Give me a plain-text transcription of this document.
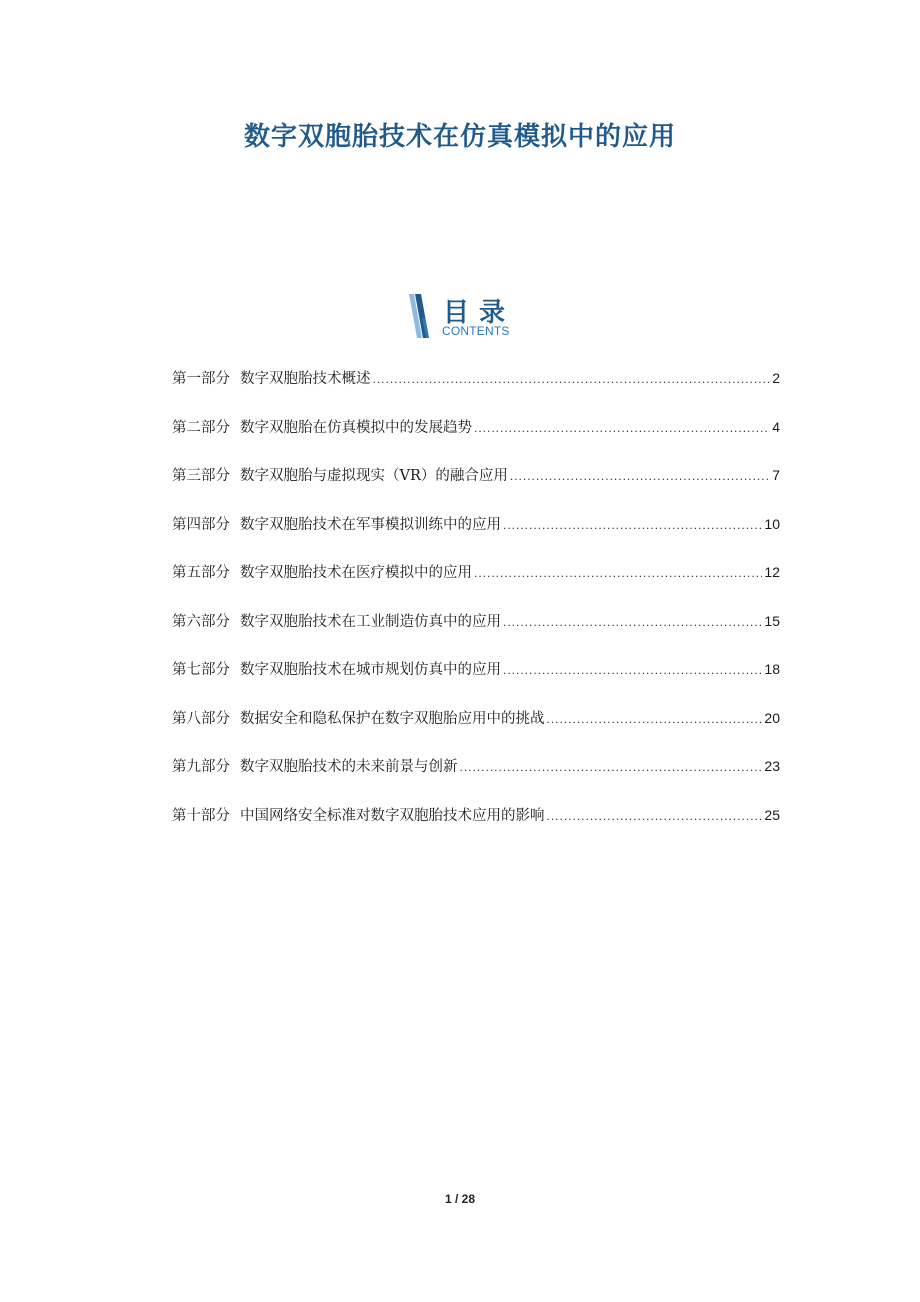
数字双胞胎技术在仿真模拟中的应用
目录
CONTENTS
第一部分 数字双胞胎技术概述 .....	2
第二部分 数字双胞胎在仿真模拟中的发展趋势 .....	4
第三部分 数字双胞胎与虚拟现实（VR）的融合应用 .....	7
第四部分 数字双胞胎技术在军事模拟训练中的应用 .....	10
第五部分 数字双胞胎技术在医疗模拟中的应用 .....	12
第六部分 数字双胞胎技术在工业制造仿真中的应用 .....	15
第七部分 数字双胞胎技术在城市规划仿真中的应用 .....	18
第八部分 数据安全和隐私保护在数字双胞胎应用中的挑战 .....	20
第九部分 数字双胞胎技术的未来前景与创新 .....	23
第十部分 中国网络安全标准对数字双胞胎技术应用的影响 .....	25
1 / 28
